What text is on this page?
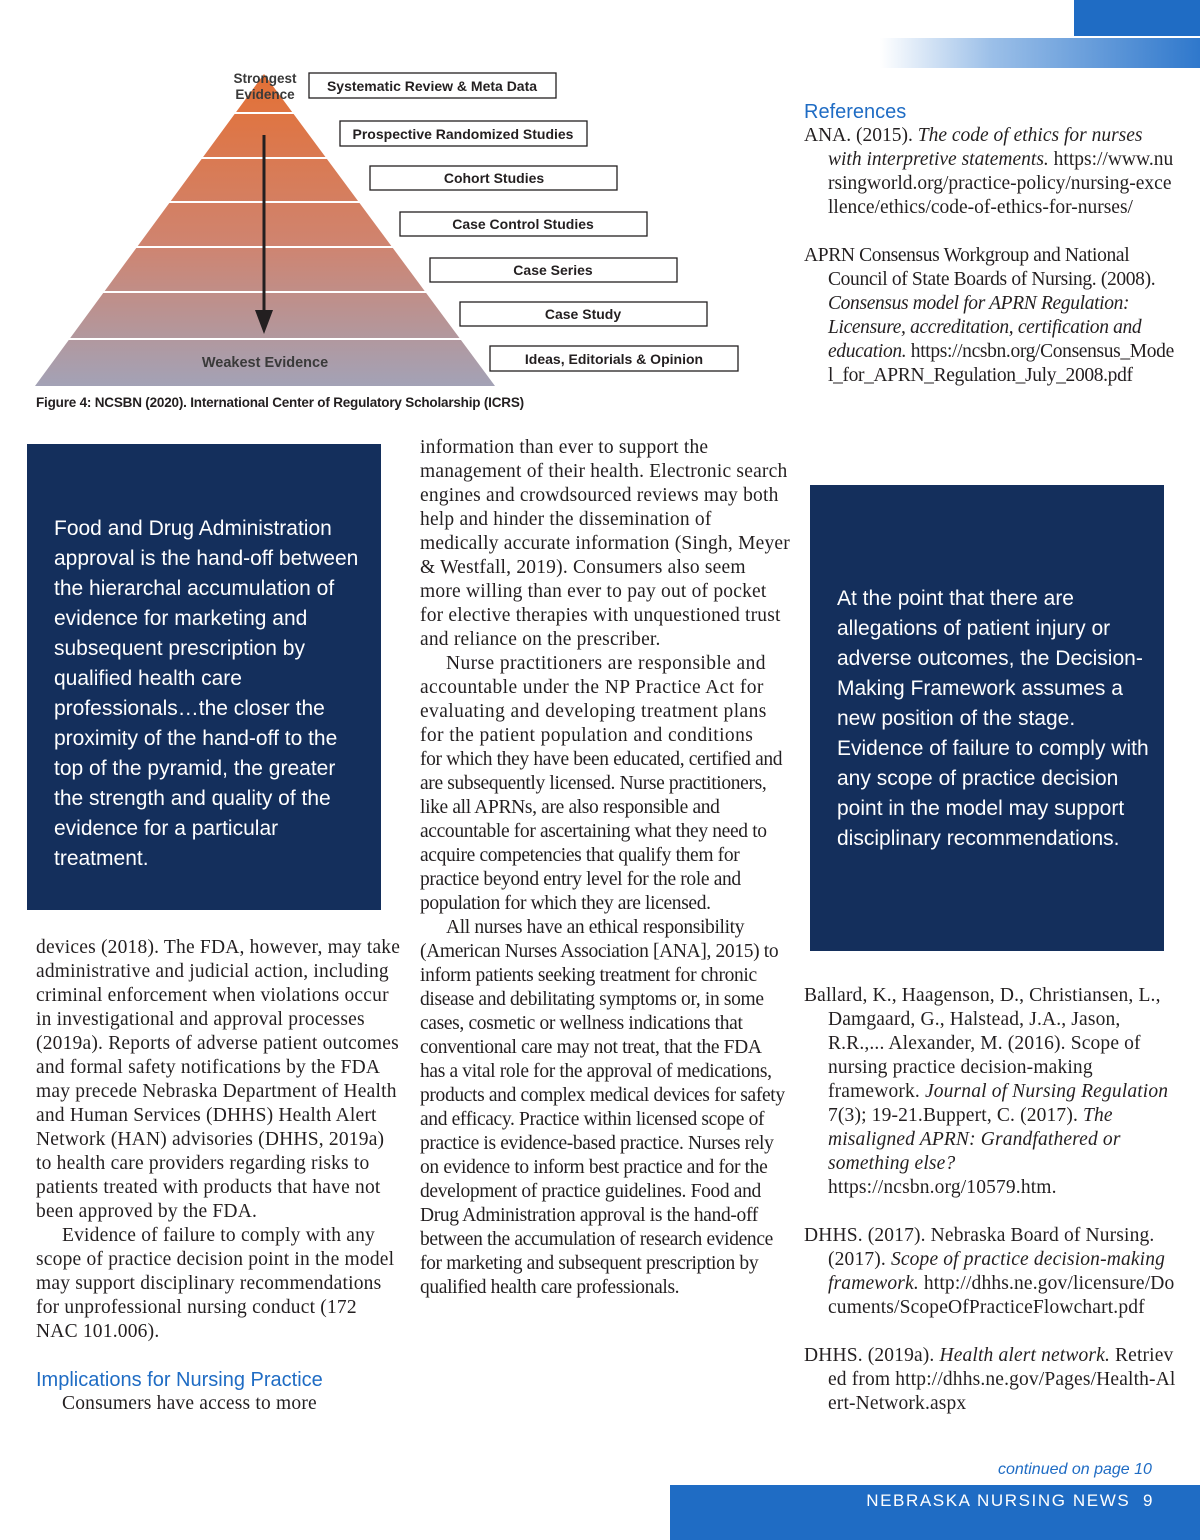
Strongest
Evidence
Weakest Evidence
Systematic Review & Meta Data
Prospective Randomized Studies
Cohort Studies
Case Control Studies
Case Series
Case Study
Ideas, Editorials & Opinion
Figure 4: NCSBN (2020). International Center of Regulatory Scholarship (ICRS)

Food and Drug Administration approval is the hand-off between the hierarchal accumulation of evidence for marketing and subsequent prescription by qualified health care professionals…the closer the proximity of the hand-off to the top of the pyramid, the greater the strength and quality of the evidence for a particular treatment.

At the point that there are allegations of patient injury or adverse outcomes, the Decision-Making Framework assumes a new position of the stage. Evidence of failure to comply with any scope of practice decision point in the model may support disciplinary recommendations.

information than ever to support the management of their health. Electronic search engines and crowdsourced reviews may both help and hinder the dissemination of medically accurate information (Singh, Meyer & Westfall, 2019). Consumers also seem more willing than ever to pay out of pocket for elective therapies with unquestioned trust and reliance on the prescriber.

Nurse practitioners are responsible and accountable under the NP Practice Act for evaluating and developing treatment plans for the patient population and conditions

for which they have been educated, certified and are subsequently licensed. Nurse practitioners, like all APRNs, are also responsible and accountable for ascertaining what they need to acquire competencies that qualify them for practice beyond entry level for the role and population for which they are licensed.

All nurses have an ethical responsibility (American Nurses Association [ANA], 2015) to inform patients seeking treatment for chronic disease and debilitating symptoms or, in some cases, cosmetic or wellness indications that conventional care may not treat, that the FDA has a vital role for the approval of medications, products and complex medical devices for safety and efficacy. Practice within licensed scope of practice is evidence-based practice. Nurses rely on evidence to inform best practice and for the development of practice guidelines. Food and Drug Administration approval is the hand-off between the accumulation of research evidence for marketing and subsequent prescription by qualified health care professionals.

devices (2018). The FDA, however, may take administrative and judicial action, including criminal enforcement when violations occur in investigational and approval processes (2019a). Reports of adverse patient outcomes and formal safety notifications by the FDA may precede Nebraska Department of Health and Human Services (DHHS) Health Alert Network (HAN) advisories (DHHS, 2019a) to health care providers regarding risks to patients treated with products that have not been approved by the FDA.

Evidence of failure to comply with any scope of practice decision point in the model may support disciplinary recommendations for unprofessional nursing conduct (172 NAC 101.006).

Implications for Nursing Practice

Consumers have access to more

References

ANA. (2015). The code of ethics for nurses with interpretive statements. https://www.nursingworld.org/practice-policy/nursing-excellence/ethics/code-of-ethics-for-nurses/

APRN Consensus Workgroup and National Council of State Boards of Nursing. (2008). Consensus model for APRN Regulation: Licensure, accreditation, certification and education. https://ncsbn.org/Consensus_Model_for_APRN_Regulation_July_2008.pdf

Ballard, K., Haagenson, D., Christiansen, L., Damgaard, G., Halstead, J.A., Jason, R.R.,... Alexander, M. (2016). Scope of nursing practice decision-making framework. Journal of Nursing Regulation 7(3); 19-21.Buppert, C. (2017). The misaligned APRN: Grandfathered or something else? https://ncsbn.org/10579.htm.

DHHS. (2017). Nebraska Board of Nursing. (2017). Scope of practice decision-making framework. http://dhhs.ne.gov/licensure/Documents/ScopeOfPracticeFlowchart.pdf

DHHS. (2019a). Health alert network. Retrieved from http://dhhs.ne.gov/Pages/Health-Alert-Network.aspx

continued on page 10
NEBRASKA NURSING NEWS 9
